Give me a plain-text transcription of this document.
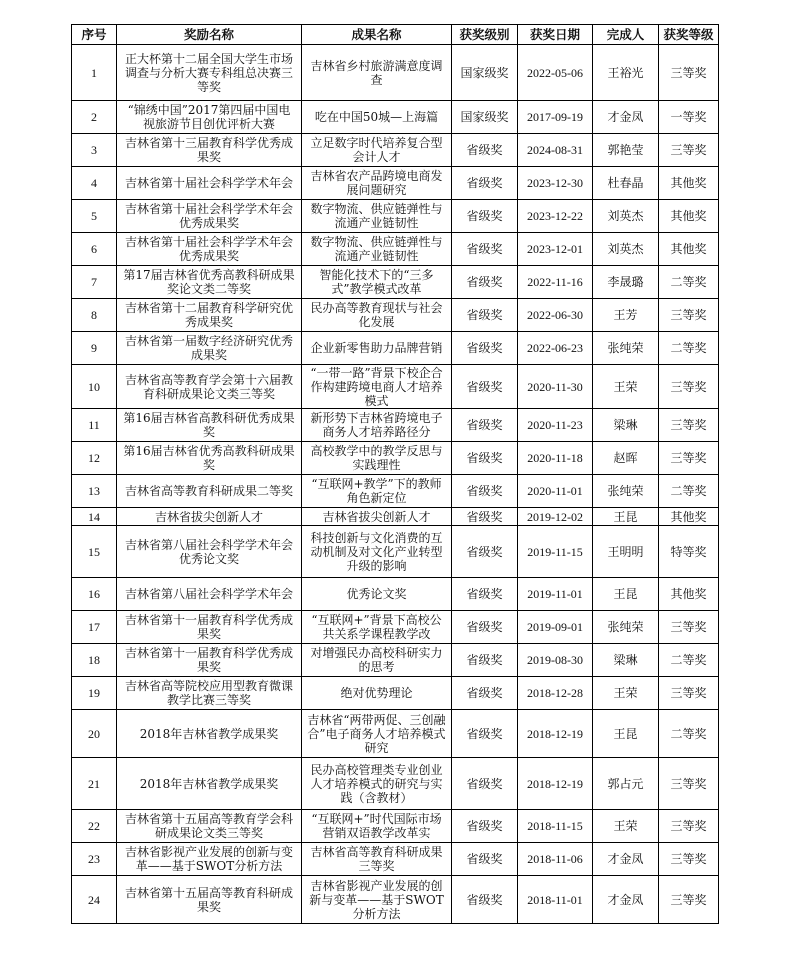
序号	奖励名称	成果名称	获奖级别	获奖日期	完成人	获奖等级
1	正大杯第十二届全国大学生市场调查与分析大赛专科组总决赛三等奖	吉林省乡村旅游满意度调查	国家级奖	2022-05-06	王裕光	三等奖
2	“锦绣中国”2017第四届中国电视旅游节目创优评析大赛	吃在中国50城—上海篇	国家级奖	2017-09-19	才金凤	一等奖
3	吉林省第十三届教育科学优秀成果奖	立足数字时代培养复合型会计人才	省级奖	2024-08-31	郭艳莹	三等奖
4	吉林省第十届社会科学学术年会	吉林省农产品跨境电商发展问题研究	省级奖	2023-12-30	杜春晶	其他奖
5	吉林省第十届社会科学学术年会优秀成果奖	数字物流、供应链弹性与流通产业链韧性	省级奖	2023-12-22	刘英杰	其他奖
6	吉林省第十届社会科学学术年会优秀成果奖	数字物流、供应链弹性与流通产业链韧性	省级奖	2023-12-01	刘英杰	其他奖
7	第17届吉林省优秀高教科研成果奖论文类二等奖	智能化技术下的“三多式”教学模式改革	省级奖	2022-11-16	李晟璐	二等奖
8	吉林省第十二届教育科学研究优秀成果奖	民办高等教育现状与社会化发展	省级奖	2022-06-30	王芳	三等奖
9	吉林省第一届数字经济研究优秀成果奖	企业新零售助力品牌营销	省级奖	2022-06-23	张纯荣	二等奖
10	吉林省高等教育学会第十六届教育科研成果论文类三等奖	“一带一路”背景下校企合作构建跨境电商人才培养模式	省级奖	2020-11-30	王荣	三等奖
11	第16届吉林省高教科研优秀成果奖	新形势下吉林省跨境电子商务人才培养路径分	省级奖	2020-11-23	梁琳	三等奖
12	第16届吉林省优秀高教科研成果奖	高校教学中的教学反思与实践理性	省级奖	2020-11-18	赵晖	三等奖
13	吉林省高等教育科研成果二等奖	“互联网+教学”下的教师角色新定位	省级奖	2020-11-01	张纯荣	二等奖
14	吉林省拔尖创新人才	吉林省拔尖创新人才	省级奖	2019-12-02	王昆	其他奖
15	吉林省第八届社会科学学术年会优秀论文奖	科技创新与文化消费的互动机制及对文化产业转型升级的影响	省级奖	2019-11-15	王明明	特等奖
16	吉林省第八届社会科学学术年会	优秀论文奖	省级奖	2019-11-01	王昆	其他奖
17	吉林省第十一届教育科学优秀成果奖	“互联网+”背景下高校公共关系学课程教学改	省级奖	2019-09-01	张纯荣	三等奖
18	吉林省第十一届教育科学优秀成果奖	对增强民办高校科研实力的思考	省级奖	2019-08-30	梁琳	二等奖
19	吉林省高等院校应用型教育微课教学比赛三等奖	绝对优势理论	省级奖	2018-12-28	王荣	三等奖
20	2018年吉林省教学成果奖	吉林省“两带两促、三创融合”电子商务人才培养模式研究	省级奖	2018-12-19	王昆	二等奖
21	2018年吉林省教学成果奖	民办高校管理类专业创业人才培养模式的研究与实践（含教材）	省级奖	2018-12-19	郭占元	三等奖
22	吉林省第十五届高等教育学会科研成果论文类三等奖	“互联网+”时代国际市场营销双语教学改革实	省级奖	2018-11-15	王荣	三等奖
23	吉林省影视产业发展的创新与变革——基于SWOT分析方法	吉林省高等教育科研成果三等奖	省级奖	2018-11-06	才金凤	三等奖
24	吉林省第十五届高等教育科研成果奖	吉林省影视产业发展的创新与变革——基于SWOT分析方法	省级奖	2018-11-01	才金凤	三等奖
